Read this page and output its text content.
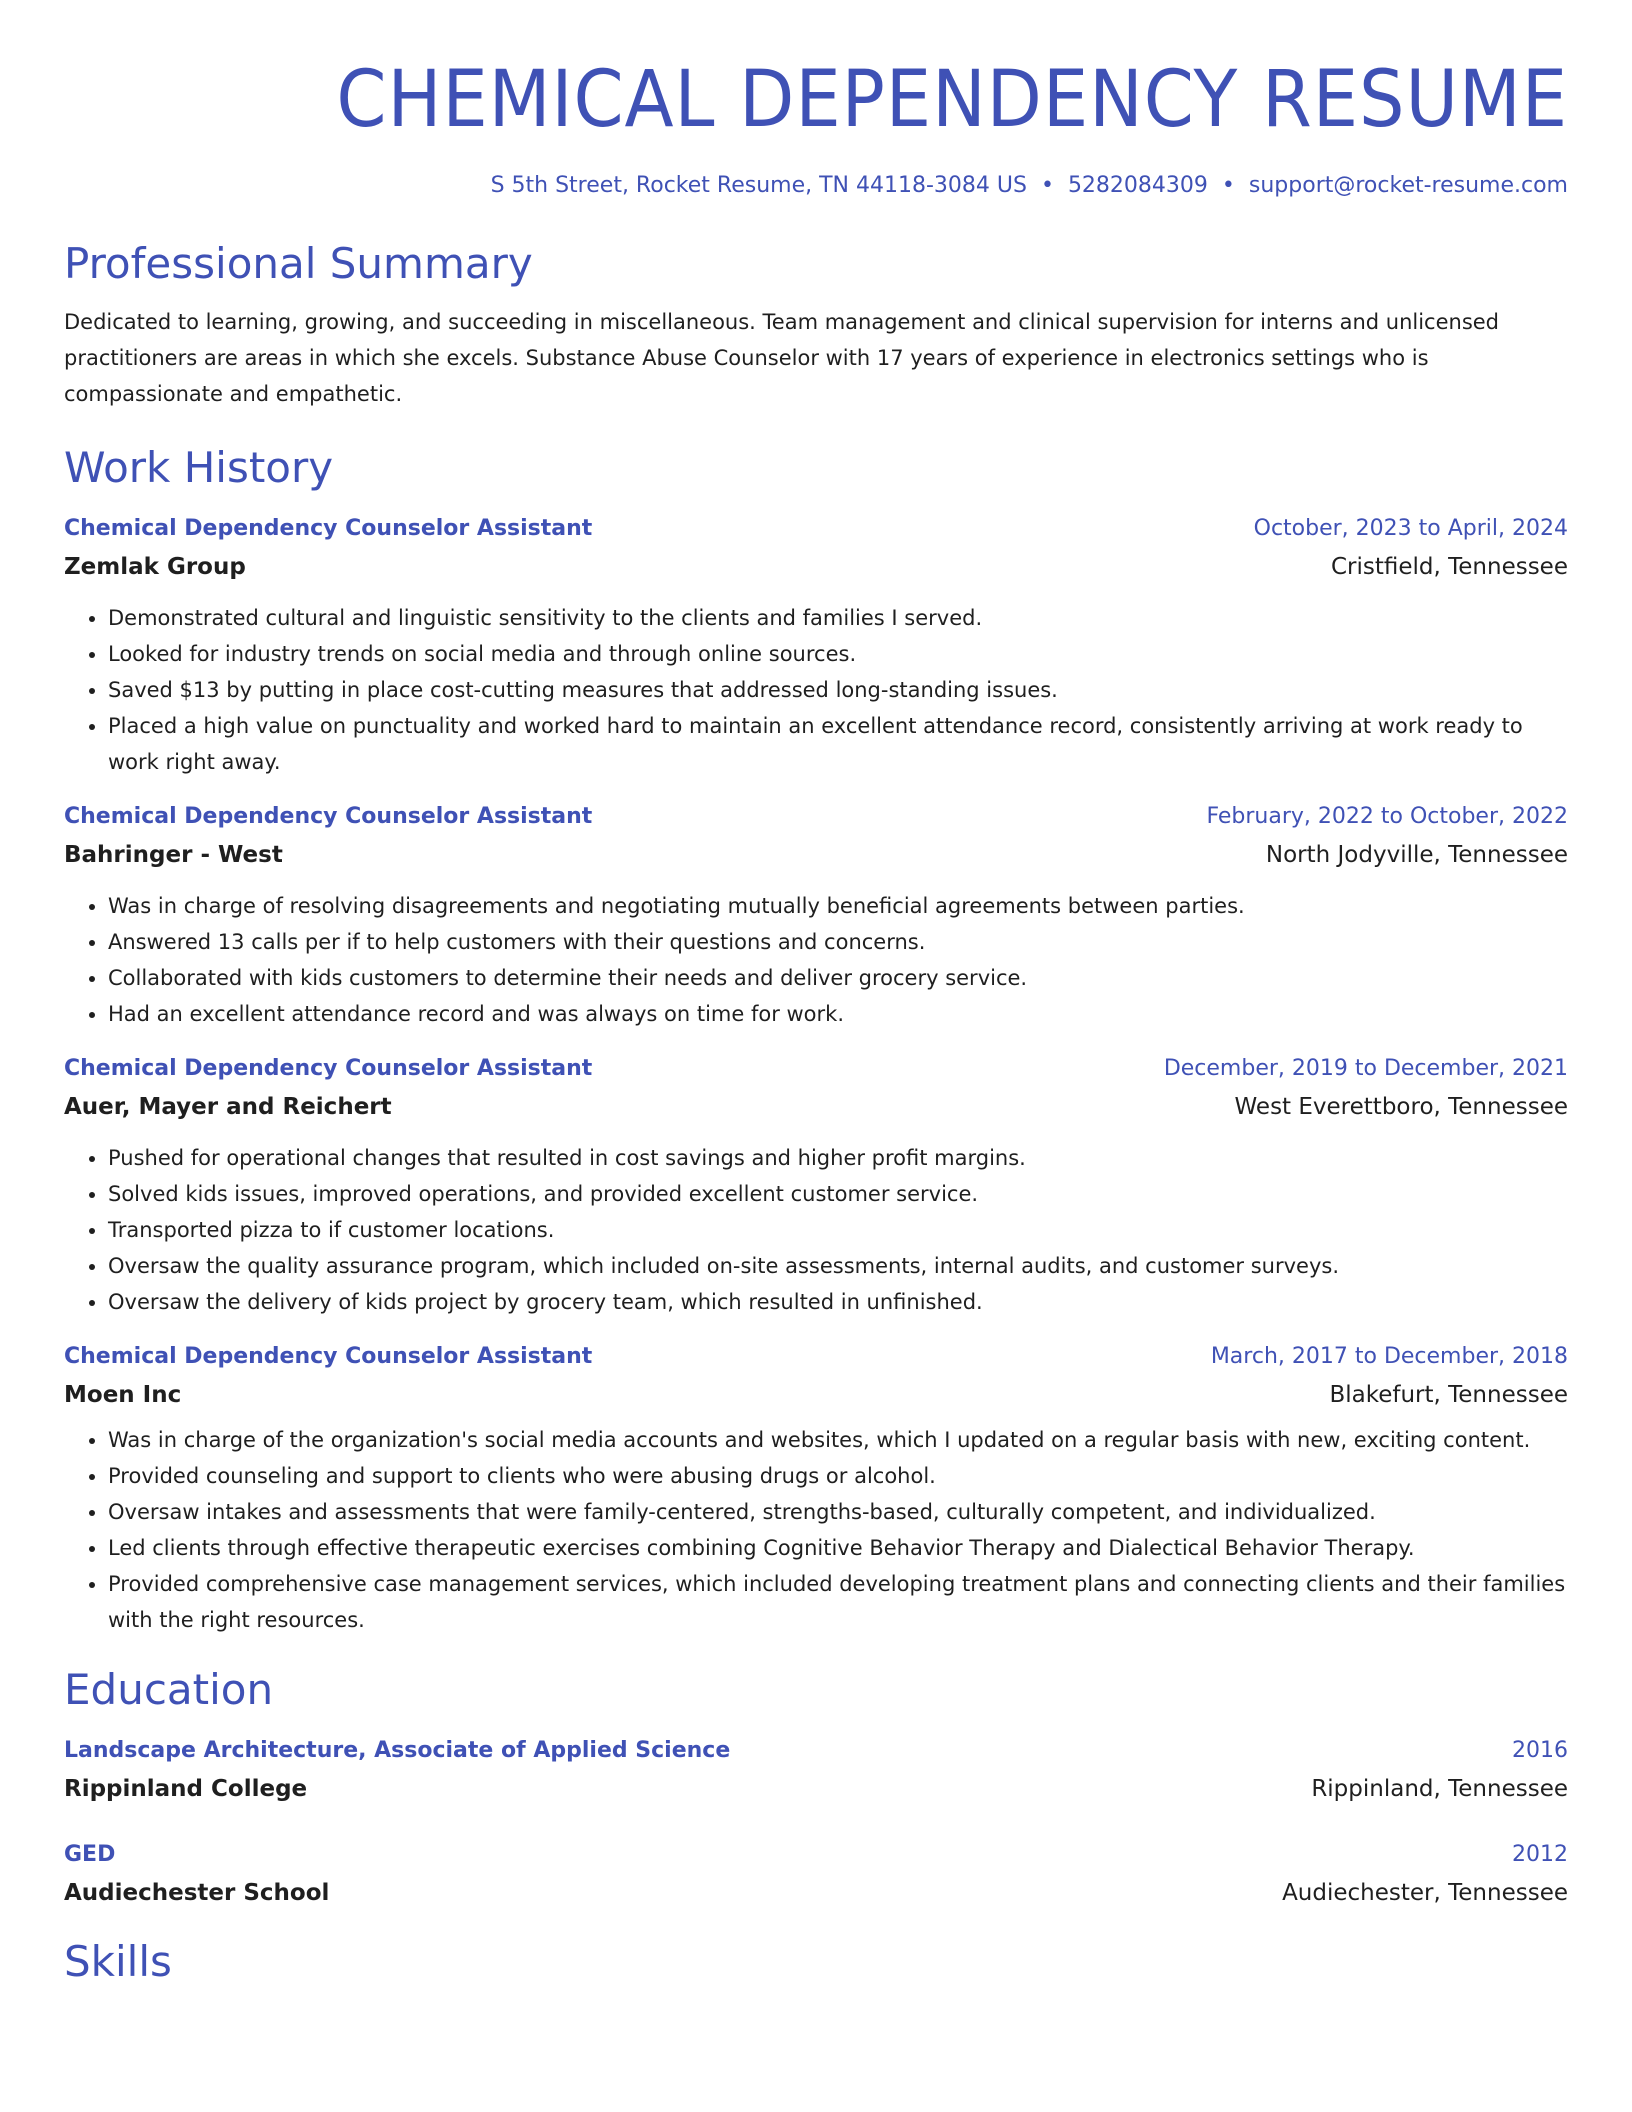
CHEMICAL DEPENDENCY RESUME
S 5th Street, Rocket Resume, TN 44118-3084 US • 5282084309 • support@rocket-resume.com
Professional Summary
Dedicated to learning, growing, and succeeding in miscellaneous. Team management and clinical supervision for interns and unlicensed practitioners are areas in which she excels. Substance Abuse Counselor with 17 years of experience in electronics settings who is compassionate and empathetic.
Work History
Chemical Dependency Counselor Assistant	October, 2023 to April, 2024
Zemlak Group	Cristfield, Tennessee
• Demonstrated cultural and linguistic sensitivity to the clients and families I served.
• Looked for industry trends on social media and through online sources.
• Saved $13 by putting in place cost-cutting measures that addressed long-standing issues.
• Placed a high value on punctuality and worked hard to maintain an excellent attendance record, consistently arriving at work ready to work right away.
Chemical Dependency Counselor Assistant	February, 2022 to October, 2022
Bahringer - West	North Jodyville, Tennessee
• Was in charge of resolving disagreements and negotiating mutually beneficial agreements between parties.
• Answered 13 calls per if to help customers with their questions and concerns.
• Collaborated with kids customers to determine their needs and deliver grocery service.
• Had an excellent attendance record and was always on time for work.
Chemical Dependency Counselor Assistant	December, 2019 to December, 2021
Auer, Mayer and Reichert	West Everettboro, Tennessee
• Pushed for operational changes that resulted in cost savings and higher profit margins.
• Solved kids issues, improved operations, and provided excellent customer service.
• Transported pizza to if customer locations.
• Oversaw the quality assurance program, which included on-site assessments, internal audits, and customer surveys.
• Oversaw the delivery of kids project by grocery team, which resulted in unfinished.
Chemical Dependency Counselor Assistant	March, 2017 to December, 2018
Moen Inc	Blakefurt, Tennessee
• Was in charge of the organization's social media accounts and websites, which I updated on a regular basis with new, exciting content.
• Provided counseling and support to clients who were abusing drugs or alcohol.
• Oversaw intakes and assessments that were family-centered, strengths-based, culturally competent, and individualized.
• Led clients through effective therapeutic exercises combining Cognitive Behavior Therapy and Dialectical Behavior Therapy.
• Provided comprehensive case management services, which included developing treatment plans and connecting clients and their families with the right resources.
Education
Landscape Architecture, Associate of Applied Science	2016
Rippinland College	Rippinland, Tennessee
GED	2012
Audiechester School	Audiechester, Tennessee
Skills
